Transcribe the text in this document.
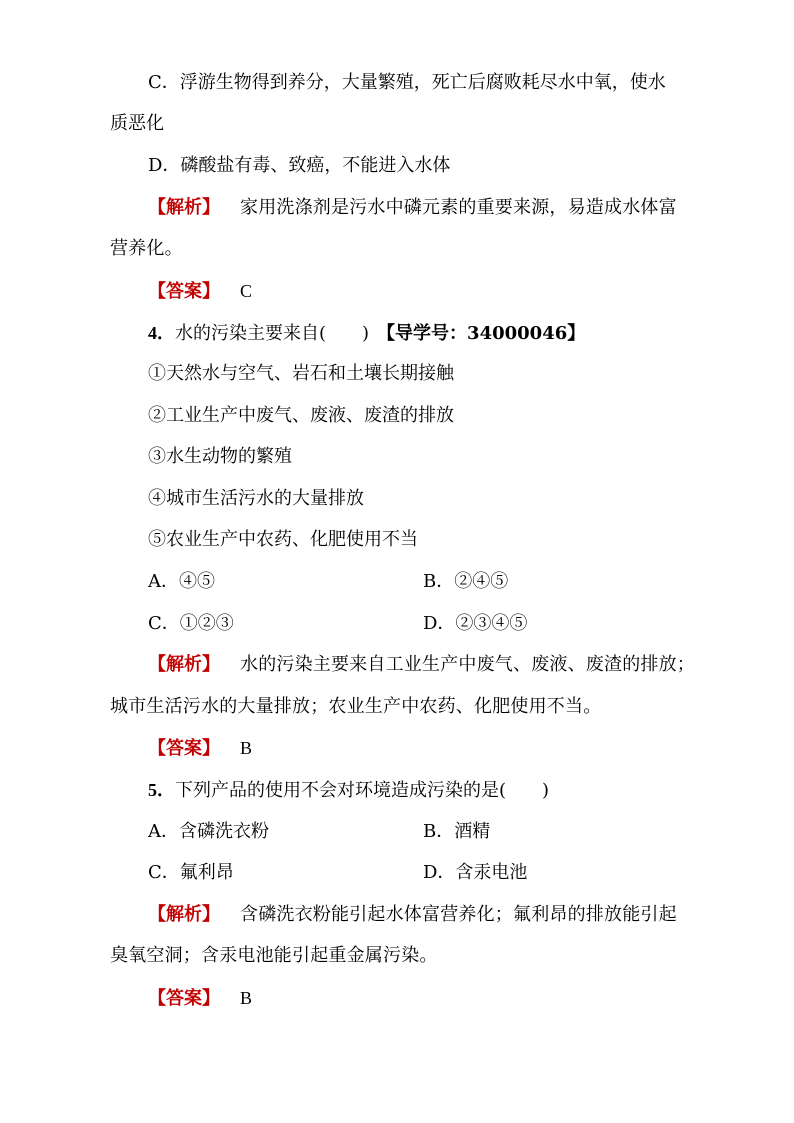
C．浮游生物得到养分，大量繁殖，死亡后腐败耗尽水中氧，使水
质恶化
D．磷酸盐有毒、致癌，不能进入水体
【解析】 家用洗涤剂是污水中磷元素的重要来源，易造成水体富
营养化。
【答案】 C
4．水的污染主要来自(　　) 【导学号：34000046】
①天然水与空气、岩石和土壤长期接触
②工业生产中废气、废液、废渣的排放
③水生动物的繁殖
④城市生活污水的大量排放
⑤农业生产中农药、化肥使用不当
A．④⑤	B．②④⑤
C．①②③	D．②③④⑤
【解析】 水的污染主要来自工业生产中废气、废液、废渣的排放；
城市生活污水的大量排放；农业生产中农药、化肥使用不当。
【答案】 B
5．下列产品的使用不会对环境造成污染的是(　　)
A．含磷洗衣粉	B．酒精
C．氟利昂	D．含汞电池
【解析】 含磷洗衣粉能引起水体富营养化；氟利昂的排放能引起
臭氧空洞；含汞电池能引起重金属污染。
【答案】 B
